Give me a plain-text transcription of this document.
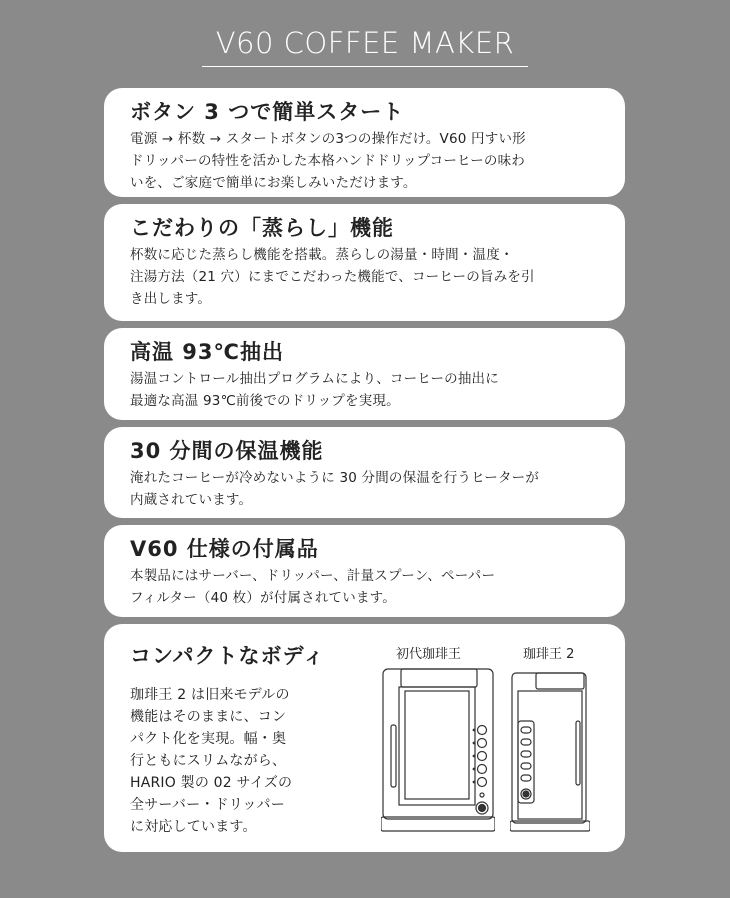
V60 COFFEE MAKER
ボタン 3 つで簡単スタート

電源 → 杯数 → スタートボタンの3つの操作だけ。V60 円すい形
ドリッパーの特性を活かした本格ハンドドリップコーヒーの味わ
いを、ご家庭で簡単にお楽しみいただけます。

こだわりの「蒸らし」機能

杯数に応じた蒸らし機能を搭載。蒸らしの湯量・時間・温度・
注湯方法（21 穴）にまでこだわった機能で、コーヒーの旨みを引
き出します。

高温 93℃抽出

湯温コントロール抽出プログラムにより、コーヒーの抽出に
最適な高温 93℃前後でのドリップを実現。

30 分間の保温機能

淹れたコーヒーが冷めないように 30 分間の保温を行うヒーターが
内蔵されています。

V60 仕様の付属品

本製品にはサーバー、ドリッパー、計量スプーン、ペーパー
フィルター（40 枚）が付属されています。

コンパクトなボディ

珈琲王 2 は旧来モデルの
機能はそのままに、コン
パクト化を実現。幅・奥
行ともにスリムながら、
HARIO 製の 02 サイズの
全サーバー・ドリッパー
に対応しています。

初代珈琲王	珈琲王 2
